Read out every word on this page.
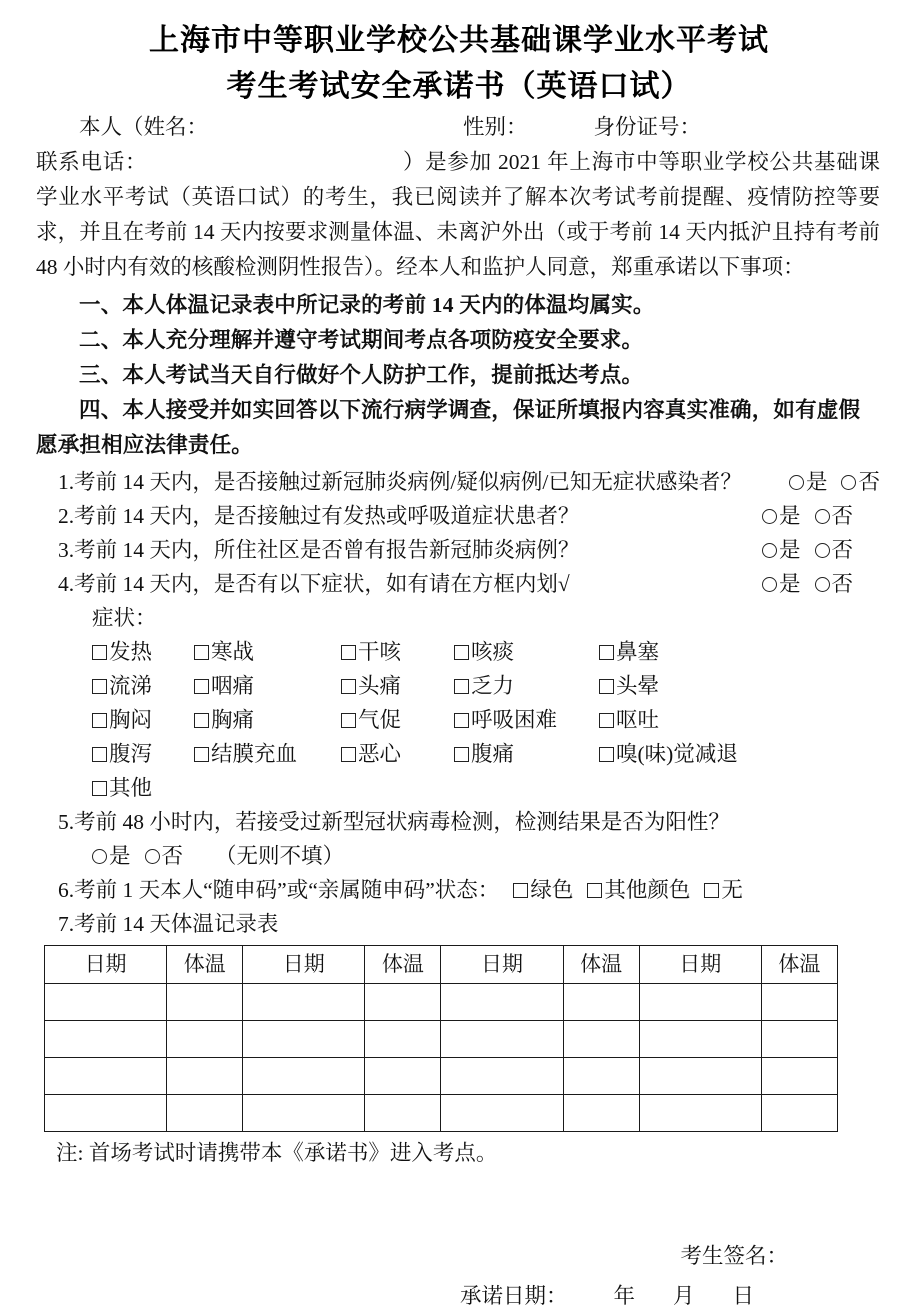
上海市中等职业学校公共基础课学业水平考试
考生考试安全承诺书（英语口试）
本人（姓名：	性别：	身份证号：
联系电话：	）是参加 2021 年上海市中等职业学校公共基础课学业水平考试（英语口试）的考生，我已阅读并了解本次考试考前提醒、疫情防控等要求，并且在考前 14 天内按要求测量体温、未离沪外出（或于考前 14 天内抵沪且持有考前 48 小时内有效的核酸检测阴性报告）。经本人和监护人同意，郑重承诺以下事项：
一、本人体温记录表中所记录的考前 14 天内的体温均属实。
二、本人充分理解并遵守考试期间考点各项防疫安全要求。
三、本人考试当天自行做好个人防护工作，提前抵达考点。
四、本人接受并如实回答以下流行病学调查，保证所填报内容真实准确，如有虚假愿承担相应法律责任。
1. 考前 14 天内，是否接触过新冠肺炎病例/疑似病例/已知无症状感染者？	是 否
2. 考前 14 天内，是否接触过有发热或呼吸道症状患者？	是 否
3. 考前 14 天内，所住社区是否曾有报告新冠肺炎病例？	是 否
4. 考前 14 天内，是否有以下症状，如有请在方框内划√	是 否
症状：
发热	寒战	干咳	咳痰	鼻塞
流涕	咽痛	头痛	乏力	头晕
胸闷	胸痛	气促	呼吸困难	呕吐
腹泻	结膜充血	恶心	腹痛	嗅(味)觉减退
其他
5.考前 48 小时内，若接受过新型冠状病毒检测，检测结果是否为阳性？
是 否 （无则不填）
6.考前 1 天本人“随申码”或“亲属随申码”状态： 绿色 其他颜色 无
7.考前 14 天体温记录表
日期	体温	日期	体温	日期	体温	日期	体温

注: 首场考试时请携带本《承诺书》进入考点。
考生签名：
承诺日期： 年 月 日
